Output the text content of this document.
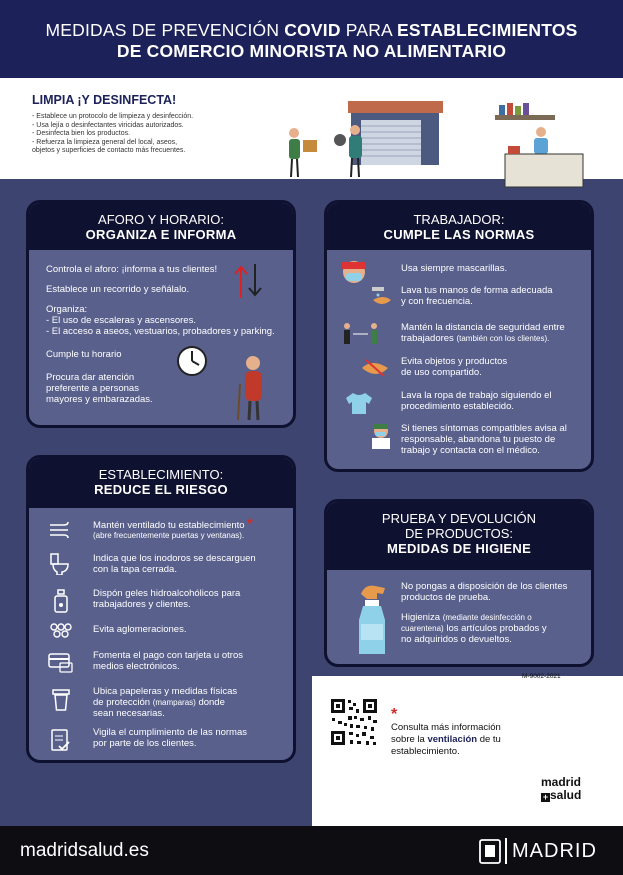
MEDIDAS DE PREVENCIÓN COVID PARA ESTABLECIMIENTOS
DE COMERCIO MINORISTA NO ALIMENTARIO
LIMPIA ¡Y DESINFECTA!
- Establece un protocolo de limpieza y desinfección.
- Usa lejía o desinfectantes viricidas autorizados.
- Desinfecta bien los productos.
- Refuerza la limpieza general del local, aseos,
objetos y superficies de contacto más frecuentes.
AFORO Y HORARIO:
ORGANIZA E INFORMA
Controla el aforo: ¡informa a tus clientes!
Establece un recorrido y señálalo.
Organiza:
- El uso de escaleras y ascensores.
- El acceso a aseos, vestuarios, probadores y parking.
Cumple tu horario
Procura dar atención
preferente a personas
mayores y embarazadas.
TRABAJADOR:
CUMPLE LAS NORMAS
Usa siempre mascarillas.
Lava tus manos de forma adecuada
y con frecuencia.
Mantén la distancia de seguridad entre
trabajadores (también con los clientes).
Evita objetos y productos
de uso compartido.
Lava la ropa de trabajo siguiendo el
procedimiento establecido.
Si tienes síntomas compatibles avisa al
responsable, abandona tu puesto de
trabajo y contacta con el médico.
ESTABLECIMIENTO:
REDUCE EL RIESGO
Mantén ventilado tu establecimiento *
(abre frecuentemente puertas y ventanas).
Indica que los inodoros se descarguen
con la tapa cerrada.
Dispón geles hidroalcohólicos para
trabajadores y clientes.
Evita aglomeraciones.
Fomenta el pago con tarjeta u otros
medios electrónicos.
Ubica papeleras y medidas físicas
de protección (mamparas) donde
sean necesarias.
Vigila el cumplimiento de las normas
por parte de los clientes.
PRUEBA Y DEVOLUCIÓN
DE PRODUCTOS:
MEDIDAS DE HIGIENE
No pongas a disposición de los clientes
productos de prueba.
Higieniza (mediante desinfección o
cuarentena) los artículos probados y
no adquiridos o devueltos.
M-9002-2021
*
Consulta más información
sobre la ventilación de tu
establecimiento.
madrid
+ salud
madridsalud.es	MADRID
